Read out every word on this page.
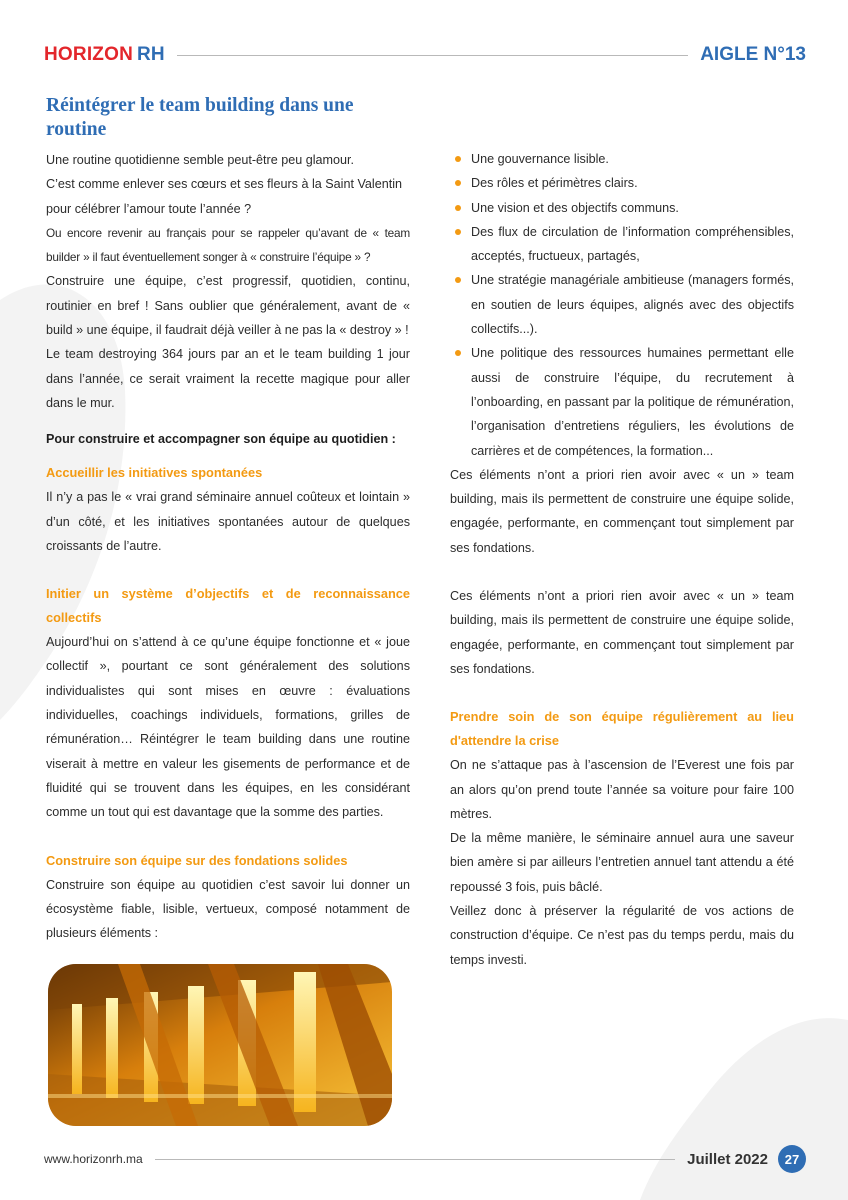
HORIZON RH	AIGLE N°13
Réintégrer le team building dans une routine

Une routine quotidienne semble peut-être peu glamour.

C’est comme enlever ses cœurs et ses fleurs à la Saint Valentin pour célébrer l’amour toute l’année ?

Ou encore revenir au français pour se rappeler qu’avant de « team builder » il faut éventuellement songer à « construire l’équipe » ?

Construire une équipe, c’est progressif, quotidien, continu, routinier en bref ! Sans oublier que généralement, avant de « build » une équipe, il faudrait déjà veiller à ne pas la « destroy » !

Le team destroying 364 jours par an et le team building 1 jour dans l’année, ce serait vraiment la recette magique pour aller dans le mur.

Pour construire et accompagner son équipe au quotidien :

Accueillir les initiatives spontanées

Il n’y a pas le « vrai grand séminaire annuel coûteux et lointain » d’un côté, et les initiatives spontanées autour de quelques croissants de l’autre.

Initier un système d’objectifs et de reconnaissance collectifs

Aujourd’hui on s’attend à ce qu’une équipe fonctionne et « joue collectif », pourtant ce sont généralement des solutions individualistes qui sont mises en œuvre : évaluations individuelles, coachings individuels, formations, grilles de rémunération… Réintégrer le team building dans une routine viserait à mettre en valeur les gisements de performance et de fluidité qui se trouvent dans les équipes, en les considérant comme un tout qui est davantage que la somme des parties.

Construire son équipe sur des fondations solides

Construire son équipe au quotidien c’est savoir lui donner un écosystème fiable, lisible, vertueux, composé notamment de plusieurs éléments :

Une gouvernance lisible.
Des rôles et périmètres clairs.
Une vision et des objectifs communs.
Des flux de circulation de l’information compréhensibles, acceptés, fructueux, partagés,
Une stratégie managériale ambitieuse (managers formés, en soutien de leurs équipes, alignés avec des objectifs collectifs...).
Une politique des ressources humaines permettant elle aussi de construire l’équipe, du recrutement à l’onboarding, en passant par la politique de rémunération, l’organisation d’entretiens réguliers, les évolutions de carrières et de compétences, la formation...

Ces éléments n’ont a priori rien avoir avec « un » team building, mais ils permettent de construire une équipe solide, engagée, performante, en commençant tout simplement par ses fondations.

Ces éléments n’ont a priori rien avoir avec « un » team building, mais ils permettent de construire une équipe solide, engagée, performante, en commençant tout simplement par ses fondations.

Prendre soin de son équipe régulièrement au lieu d'attendre la crise

On ne s’attaque pas à l’ascension de l’Everest une fois par an alors qu’on prend toute l’année sa voiture pour faire 100 mètres.

De la même manière, le séminaire annuel aura une saveur bien amère si par ailleurs l’entretien annuel tant attendu a été repoussé 3 fois, puis bâclé.

Veillez donc à préserver la régularité de vos actions de construction d’équipe. Ce n’est pas du temps perdu, mais du temps investi.

www.horizonrh.ma	Juillet 2022	27
